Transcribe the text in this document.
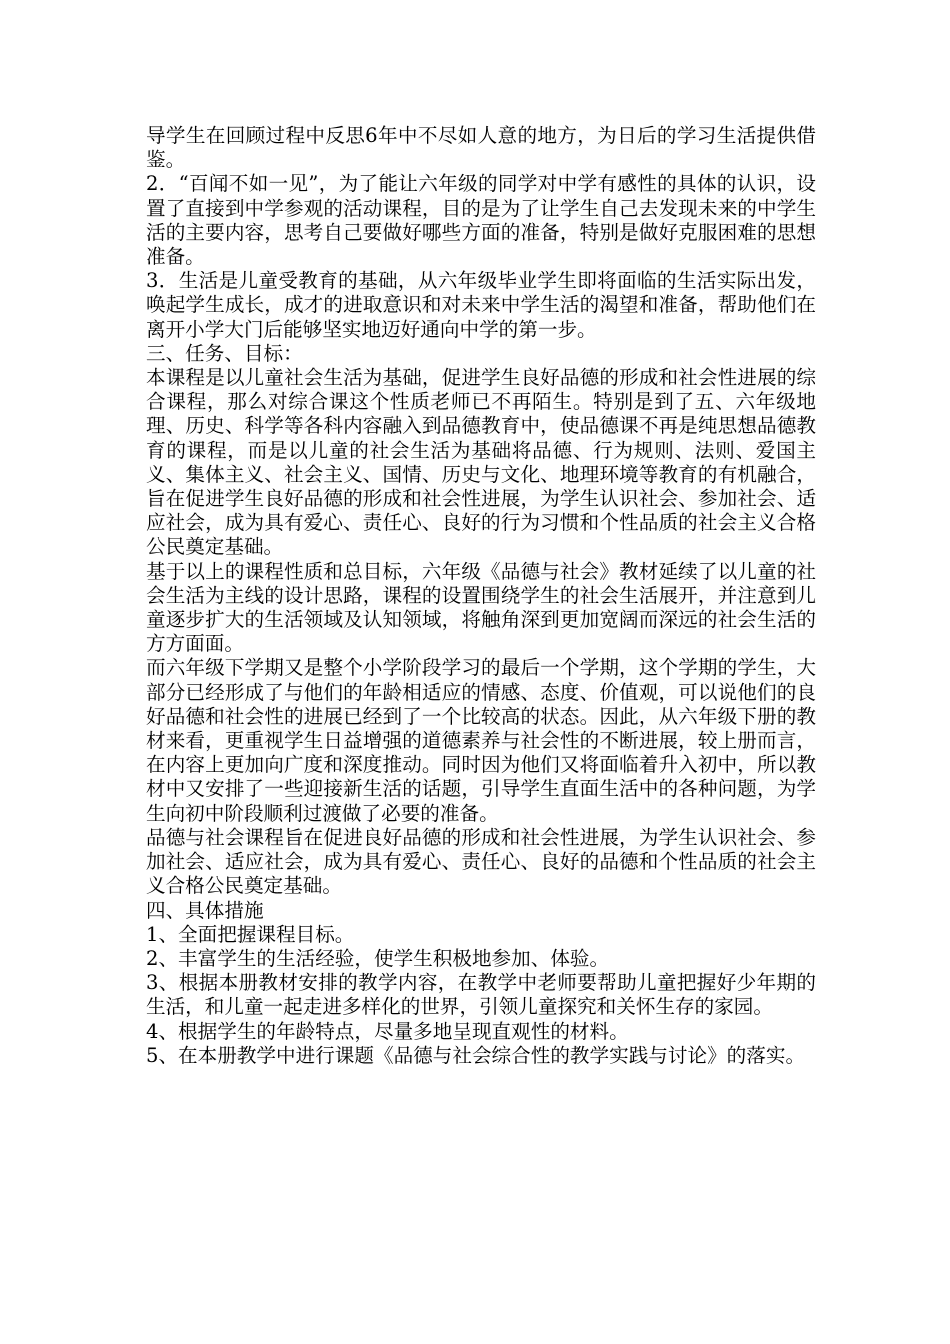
导学生在回顾过程中反思6年中不尽如人意的地方，为日后的学习生活提供借鉴。

2．“百闻不如一见”，为了能让六年级的同学对中学有感性的具体的认识，设置了直接到中学参观的活动课程，目的是为了让学生自己去发现未来的中学生活的主要内容，思考自己要做好哪些方面的准备，特别是做好克服困难的思想准备。

3．生活是儿童受教育的基础，从六年级毕业学生即将面临的生活实际出发，唤起学生成长，成才的进取意识和对未来中学生活的渴望和准备，帮助他们在离开小学大门后能够坚实地迈好通向中学的第一步。

三、任务、目标：

本课程是以儿童社会生活为基础，促进学生良好品德的形成和社会性进展的综合课程，那么对综合课这个性质老师已不再陌生。特别是到了五、六年级地理、历史、科学等各科内容融入到品德教育中，使品德课不再是纯思想品德教育的课程，而是以儿童的社会生活为基础将品德、行为规则、法则、爱国主义、集体主义、社会主义、国情、历史与文化、地理环境等教育的有机融合，旨在促进学生良好品德的形成和社会性进展，为学生认识社会、参加社会、适应社会，成为具有爱心、责任心、良好的行为习惯和个性品质的社会主义合格公民奠定基础。

基于以上的课程性质和总目标，六年级《品德与社会》教材延续了以儿童的社会生活为主线的设计思路，课程的设置围绕学生的社会生活展开，并注意到儿童逐步扩大的生活领域及认知领域，将触角深到更加宽阔而深远的社会生活的方方面面。

而六年级下学期又是整个小学阶段学习的最后一个学期，这个学期的学生，大部分已经形成了与他们的年龄相适应的情感、态度、价值观，可以说他们的良好品德和社会性的进展已经到了一个比较高的状态。因此，从六年级下册的教材来看，更重视学生日益增强的道德素养与社会性的不断进展，较上册而言，在内容上更加向广度和深度推动。同时因为他们又将面临着升入初中，所以教材中又安排了一些迎接新生活的话题，引导学生直面生活中的各种问题，为学生向初中阶段顺利过渡做了必要的准备。

品德与社会课程旨在促进良好品德的形成和社会性进展，为学生认识社会、参加社会、适应社会，成为具有爱心、责任心、良好的品德和个性品质的社会主义合格公民奠定基础。

四、具体措施

1、全面把握课程目标。

2、丰富学生的生活经验，使学生积极地参加、体验。

3、根据本册教材安排的教学内容，在教学中老师要帮助儿童把握好少年期的生活，和儿童一起走进多样化的世界，引领儿童探究和关怀生存的家园。

4、根据学生的年龄特点，尽量多地呈现直观性的材料。

5、在本册教学中进行课题《品德与社会综合性的教学实践与讨论》的落实。
